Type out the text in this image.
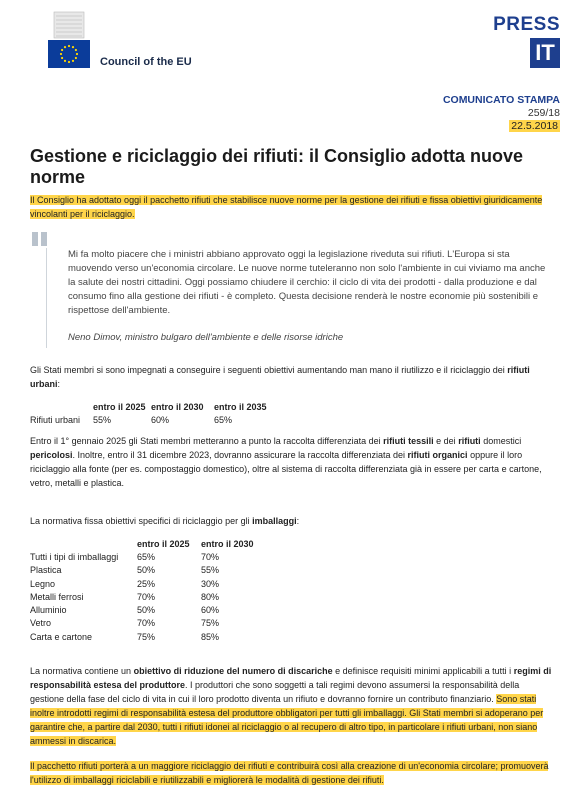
Council of the EU
PRESS
IT
COMUNICATO STAMPA
259/18
22.5.2018
Gestione e riciclaggio dei rifiuti: il Consiglio adotta nuove norme

Il Consiglio ha adottato oggi il pacchetto rifiuti che stabilisce nuove norme per la gestione dei rifiuti e fissa obiettivi giuridicamente vincolanti per il riciclaggio.

Mi fa molto piacere che i ministri abbiano approvato oggi la legislazione riveduta sui rifiuti. L'Europa si sta muovendo verso un'economia circolare. Le nuove norme tuteleranno non solo l'ambiente in cui viviamo ma anche la salute dei nostri cittadini. Oggi possiamo chiudere il cerchio: il ciclo di vita dei prodotti - dalla produzione e dal consumo fino alla gestione dei rifiuti - è completo. Questa decisione renderà le nostre economie più sostenibili e rispettose dell'ambiente.

Neno Dimov, ministro bulgaro dell'ambiente e delle risorse idriche

Gli Stati membri si sono impegnati a conseguire i seguenti obiettivi aumentando man mano il riutilizzo e il riciclaggio dei rifiuti urbani:

	entro il 2025	entro il 2030	entro il 2035
Rifiuti urbani	55%	60%	65%

Entro il 1° gennaio 2025 gli Stati membri metteranno a punto la raccolta differenziata dei rifiuti tessili e dei rifiuti domestici pericolosi. Inoltre, entro il 31 dicembre 2023, dovranno assicurare la raccolta differenziata dei rifiuti organici oppure il loro riciclaggio alla fonte (per es. compostaggio domestico), oltre al sistema di raccolta differenziata già in essere per carta e cartone, vetro, metalli e plastica.

La normativa fissa obiettivi specifici di riciclaggio per gli imballaggi:

	entro il 2025	entro il 2030
Tutti i tipi di imballaggi	65%	70%
Plastica	50%	55%
Legno	25%	30%
Metalli ferrosi	70%	80%
Alluminio	50%	60%
Vetro	70%	75%
Carta e cartone	75%	85%

La normativa contiene un obiettivo di riduzione del numero di discariche e definisce requisiti minimi applicabili a tutti i regimi di responsabilità estesa del produttore. I produttori che sono soggetti a tali regimi devono assumersi la responsabilità della gestione della fase del ciclo di vita in cui il loro prodotto diventa un rifiuto e dovranno fornire un contributo finanziario. Sono stati inoltre introdotti regimi di responsabilità estesa del produttore obbligatori per tutti gli imballaggi. Gli Stati membri si adoperano per garantire che, a partire dal 2030, tutti i rifiuti idonei al riciclaggio o al recupero di altro tipo, in particolare i rifiuti urbani, non siano ammessi in discarica.

Il pacchetto rifiuti porterà a un maggiore riciclaggio dei rifiuti e contribuirà così alla creazione di un'economia circolare; promuoverà l'utilizzo di imballaggi riciclabili e riutilizzabili e migliorerà le modalità di gestione dei rifiuti.
